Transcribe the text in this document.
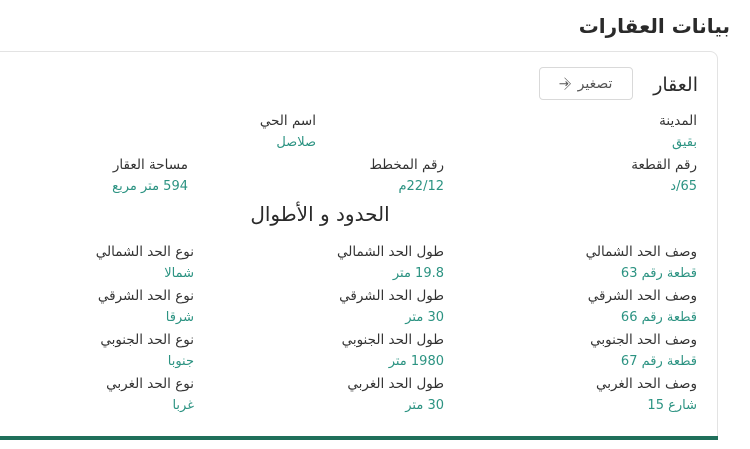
بيانات العقارات
العقار
تصغير
⇲
المدينة
بقيق
اسم الحي
صلاصل
رقم القطعة
65/د
رقم المخطط
22/12م
مساحة العقار
594 متر مربع
الحدود و الأطوال
وصف الحد الشمالي
قطعة رقم 63
طول الحد الشمالي
19.8 متر
نوع الحد الشمالي
شمالا
وصف الحد الشرقي
قطعة رقم 66
طول الحد الشرقي
30 متر
نوع الحد الشرقي
شرقا
وصف الحد الجنوبي
قطعة رقم 67
طول الحد الجنوبي
1980 متر
نوع الحد الجنوبي
جنوبا
وصف الحد الغربي
شارع 15
طول الحد الغربي
30 متر
نوع الحد الغربي
غربا
